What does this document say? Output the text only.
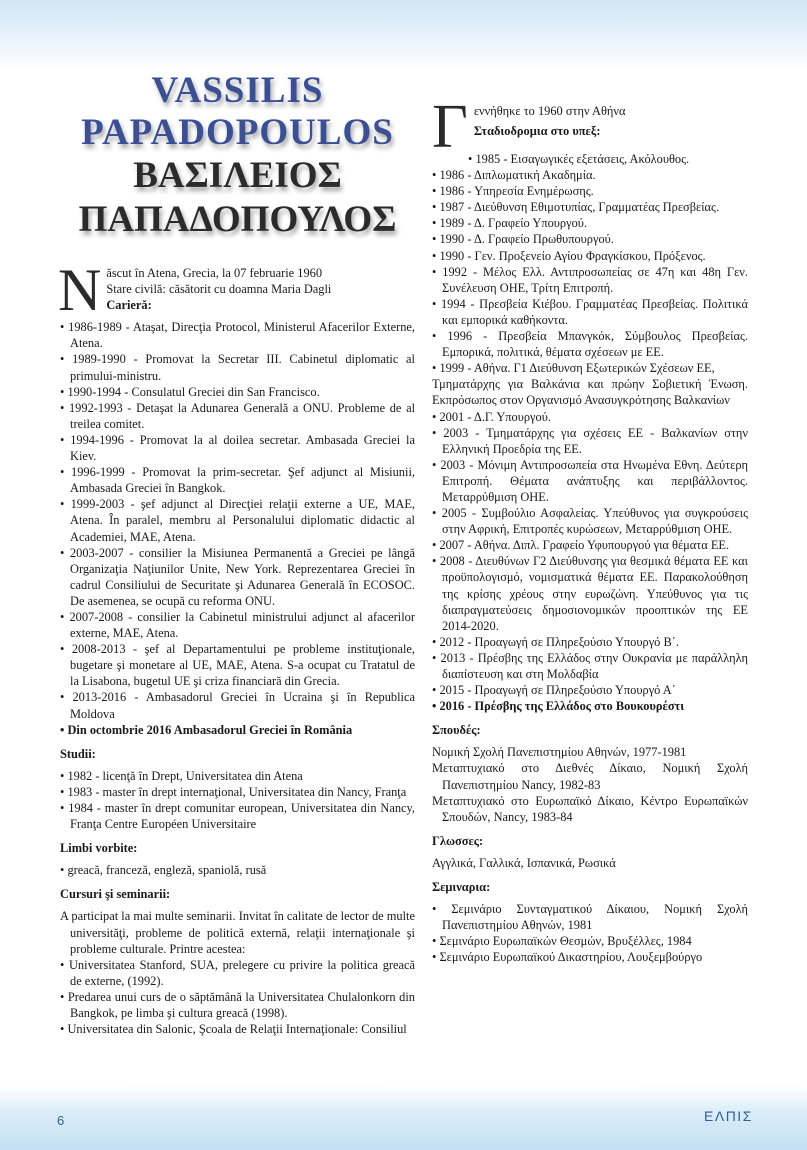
VASSILIS
PAPADOPOULOS
ΒΑΣΙΛΕΙΟΣ
ΠΑΠΑΔΟΠΟΥΛΟΣ
N ăscut în Atena, Grecia, la 07 februarie 1960
Stare civilă: căsătorit cu doamna Maria Dagli
Carieră:
• 1986-1989 - Ataşat, Direcţia Protocol, Ministerul Afacerilor Externe, Atena.
• 1989-1990 - Promovat la Secretar III. Cabinetul diplomatic al primului-ministru.
• 1990-1994 - Consulatul Greciei din San Francisco.
• 1992-1993 - Detaşat la Adunarea Generală a ONU. Probleme de al treilea comitet.
• 1994-1996 - Promovat la al doilea secretar. Ambasada Greciei la Kiev.
• 1996-1999 - Promovat la prim-secretar. Şef adjunct al Misiunii, Ambasada Greciei în Bangkok.
• 1999-2003 - şef adjunct al Direcţiei relaţii externe a UE, MAE, Atena. În paralel, membru al Personalului diplomatic didactic al Academiei, MAE, Atena.
• 2003-2007 - consilier la Misiunea Permanentă a Greciei pe lângă Organizaţia Naţiunilor Unite, New York. Reprezentarea Greciei în cadrul Consiliului de Securitate şi Adunarea Generală în ECOSOC. De asemenea, se ocupă cu reforma ONU.
• 2007-2008 - consilier la Cabinetul ministrului adjunct al afacerilor externe, MAE, Atena.
• 2008-2013 - şef al Departamentului pe probleme instituţionale, bugetare şi monetare al UE, MAE, Atena. S-a ocupat cu Tratatul de la Lisabona, bugetul UE şi criza financiară din Grecia.
• 2013-2016 - Ambasadorul Greciei în Ucraina şi în Republica Moldova
• Din octombrie 2016 Ambasadorul Greciei în România
Studii:
• 1982 - licenţă în Drept, Universitatea din Atena
• 1983 - master în drept internaţional, Universitatea din Nancy, Franţa
• 1984 - master în drept comunitar european, Universitatea din Nancy, Franţa Centre Européen Universitaire
Limbi vorbite:
• greacă, franceză, engleză, spaniolă, rusă
Cursuri şi seminarii:

A participat la mai multe seminarii. Invitat în calitate de lector de multe universităţi, probleme de politică externă, relaţii internaţionale şi probleme culturale. Printre acestea:

• Universitatea Stanford, SUA, prelegere cu privire la politica greacă de externe, (1992).
• Predarea unui curs de o săptămână la Universitatea Chulalonkorn din Bangkok, pe limba şi cultura greacă (1998).
• Universitatea din Salonic, Şcoala de Relaţii Internaţionale: Consiliul
Γ εννήθηκε το 1960 στην Αθήνα
Σταδιοδρομια στο υπεξ:
• 1985 - Εισαγωγικές εξετάσεις, Ακόλουθος.
• 1986 - Διπλωματική Ακαδημία.
• 1986 - Υπηρεσία Ενημέρωσης.
• 1987 - Διεύθυνση Εθιμοτυπίας, Γραμματέας Πρεσβείας.
• 1989 - Δ. Γραφείο Υπουργού.
• 1990 - Δ. Γραφείο Πρωθυπουργού.
• 1990 - Γεν. Προξενείο Αγίου Φραγκίσκου, Πρόξενος.
• 1992 - Μέλος Ελλ. Αντιπροσωπείας σε 47η και 48η Γεν. Συνέλευση ΟΗΕ, Τρίτη Επιτροπή.
• 1994 - Πρεσβεία Κιέβου. Γραμματέας Πρεσβείας. Πολιτικά και εμπορικά καθήκοντα.
• 1996 - Πρεσβεία Μπανγκόκ, Σύμβουλος Πρεσβείας. Εμπορικά, πολιτικά, θέματα σχέσεων με ΕΕ.
• 1999 - Αθήνα. Γ1 Διεύθυνση Εξωτερικών Σχέσεων ΕΕ,
Τμηματάρχης για Βαλκάνια και πρώην Σοβιετική Ένωση. Εκπρόσωπος στον Οργανισμό Ανασυγκρότησης Βαλκανίων
• 2001 - Δ.Γ. Υπουργού.
• 2003 - Τμηματάρχης για σχέσεις ΕΕ - Βαλκανίων στην Ελληνική Προεδρία της ΕΕ.
• 2003 - Μόνιμη Αντιπροσωπεία στα Ηνωμένα Εθνη. Δεύτερη Επιτροπή. Θέματα ανάπτυξης και περιβάλλοντος. Μεταρρύθμιση ΟΗΕ.
• 2005 - Συμβούλιο Ασφαλείας. Υπεύθυνος για συγκρούσεις στην Αφρική, Επιτροπές κυρώσεων, Μεταρρύθμιση ΟΗΕ.
• 2007 - Αθήνα. Διπλ. Γραφείο Υφυπουργού για θέματα ΕΕ.
• 2008 - Διευθύνων Γ2 Διεύθυνσης για θεσμικά θέματα ΕΕ και προϋπολογισμό, νομισματικά θέματα ΕΕ. Παρακολούθηση της κρίσης χρέους στην ευρωζώνη. Υπεύθυνος για τις διαπραγματεύσεις δημοσιονομικών προοπτικών της ΕΕ 2014-2020.
• 2012 - Προαγωγή σε Πληρεξούσιο Υπουργό Β΄.
• 2013 - Πρέσβης της Ελλάδος στην Ουκρανία με παράλληλη διαπίστευση και στη Μολδαβία
• 2015 - Προαγωγή σε Πληρεξούσιο Υπουργό Α΄
• 2016 - Πρέσβης της Ελλάδος στο Βουκουρέστι
Σπουδές:

Νομική Σχολή Πανεπιστημίου Αθηνών, 1977-1981

Μεταπτυχιακό στο Διεθνές Δίκαιο, Νομική Σχολή Πανεπιστημίου Nancy, 1982-83

Μεταπτυχιακό στο Ευρωπαϊκό Δίκαιο, Κέντρο Ευρωπαϊκών Σπουδών, Nancy, 1983-84

Γλωσσες:

Αγγλικά, Γαλλικά, Ισπανικά, Ρωσικά

Σεμιναρια:
• Σεμινάριο Συνταγματικού Δίκαιου, Νομική Σχολή Πανεπιστημίου Αθηνών, 1981
• Σεμινάριο Ευρωπαϊκών Θεσμών, Βρυξέλλες, 1984
• Σεμινάριο Ευρωπαϊκού Δικαστηρίου, Λουξεμβούργο
6	ΕΛΠΙΣ
